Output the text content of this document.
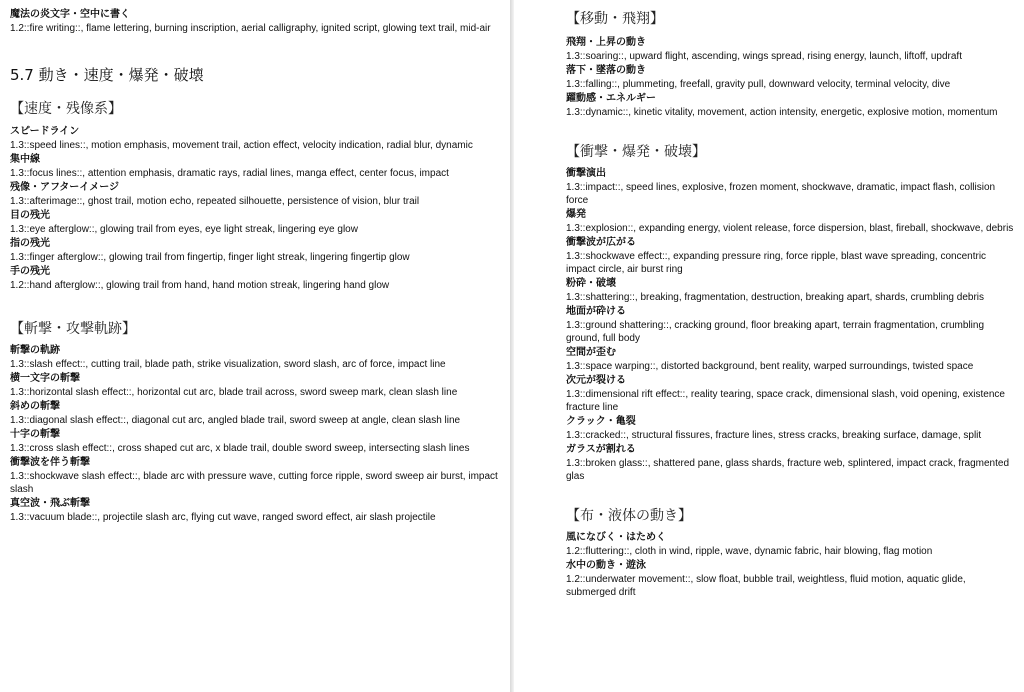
魔法の炎文字・空中に書く

1.2::fire writing::, flame lettering, burning inscription, aerial calligraphy, ignited script, glowing text trail, mid-air

5.7 動き・速度・爆発・破壊
【速度・残像系】

スピードライン

1.3::speed lines::, motion emphasis, movement trail, action effect, velocity indication, radial blur, dynamic

集中線

1.3::focus lines::, attention emphasis, dramatic rays, radial lines, manga effect, center focus, impact

残像・アフターイメージ

1.3::afterimage::, ghost trail, motion echo, repeated silhouette, persistence of vision, blur trail

目の残光

1.3::eye afterglow::, glowing trail from eyes, eye light streak, lingering eye glow

指の残光

1.3::finger afterglow::, glowing trail from fingertip, finger light streak, lingering fingertip glow

手の残光

1.2::hand afterglow::, glowing trail from hand, hand motion streak, lingering hand glow

【斬撃・攻撃軌跡】

斬撃の軌跡

1.3::slash effect::, cutting trail, blade path, strike visualization, sword slash, arc of force, impact line

横一文字の斬撃

1.3::horizontal slash effect::, horizontal cut arc, blade trail across, sword sweep mark, clean slash line

斜めの斬撃

1.3::diagonal slash effect::, diagonal cut arc, angled blade trail, sword sweep at angle, clean slash line

十字の斬撃

1.3::cross slash effect::, cross shaped cut arc, x blade trail, double sword sweep, intersecting slash lines

衝撃波を伴う斬撃

1.3::shockwave slash effect::, blade arc with pressure wave, cutting force ripple, sword sweep air burst, impact slash

真空波・飛ぶ斬撃

1.3::vacuum blade::, projectile slash arc, flying cut wave, ranged sword effect, air slash projectile

【移動・飛翔】

飛翔・上昇の動き

1.3::soaring::, upward flight, ascending, wings spread, rising energy, launch, liftoff, updraft

落下・墜落の動き

1.3::falling::, plummeting, freefall, gravity pull, downward velocity, terminal velocity, dive

躍動感・エネルギー

1.3::dynamic::, kinetic vitality, movement, action intensity, energetic, explosive motion, momentum

【衝撃・爆発・破壊】

衝撃演出

1.3::impact::, speed lines, explosive, frozen moment, shockwave, dramatic, impact flash, collision force

爆発

1.3::explosion::, expanding energy, violent release, force dispersion, blast, fireball, shockwave, debris

衝撃波が広がる

1.3::shockwave effect::, expanding pressure ring, force ripple, blast wave spreading, concentric impact circle, air burst ring

粉砕・破壊

1.3::shattering::, breaking, fragmentation, destruction, breaking apart, shards, crumbling debris

地面が砕ける

1.3::ground shattering::, cracking ground, floor breaking apart, terrain fragmentation, crumbling ground, full body

空間が歪む

1.3::space warping::, distorted background, bent reality, warped surroundings, twisted space

次元が裂ける

1.3::dimensional rift effect::, reality tearing, space crack, dimensional slash, void opening, existence fracture line

クラック・亀裂

1.3::cracked::, structural fissures, fracture lines, stress cracks, breaking surface, damage, split

ガラスが割れる

1.3::broken glass::, shattered pane, glass shards, fracture web, splintered, impact crack, fragmented glas

【布・液体の動き】

風になびく・はためく

1.2::fluttering::, cloth in wind, ripple, wave, dynamic fabric, hair blowing, flag motion

水中の動き・遊泳

1.2::underwater movement::, slow float, bubble trail, weightless, fluid motion, aquatic glide, submerged drift
